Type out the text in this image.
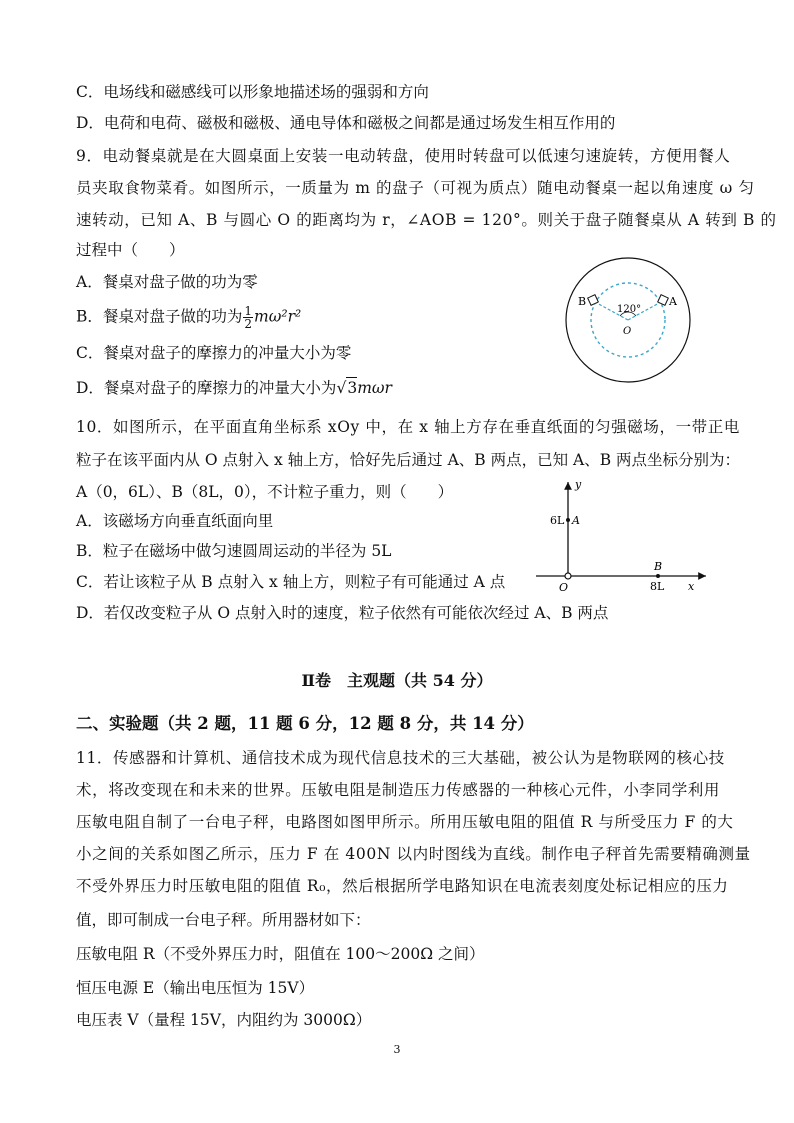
C．电场线和磁感线可以形象地描述场的强弱和方向
D．电荷和电荷、磁极和磁极、通电导体和磁极之间都是通过场发生相互作用的
9．电动餐桌就是在大圆桌面上安装一电动转盘，使用时转盘可以低速匀速旋转，方便用餐人
员夹取食物菜肴。如图所示，一质量为 m 的盘子（可视为质点）随电动餐桌一起以角速度 ω 匀
速转动，已知 A、B 与圆心 O 的距离均为 r，∠AOB = 120°。则关于盘子随餐桌从 A 转到 B 的
过程中（　　）
A．餐桌对盘子做的功为零
B．餐桌对盘子做的功为 $\frac{1}{2} m\omega^2r^2$
C．餐桌对盘子的摩擦力的冲量大小为零
D．餐桌对盘子的摩擦力的冲量大小为√3mωr
B	A
120°
O
10．如图所示，在平面直角坐标系 xOy 中，在 x 轴上方存在垂直纸面的匀强磁场，一带正电
粒子在该平面内从 O 点射入 x 轴上方，恰好先后通过 A、B 两点，已知 A、B 两点坐标分别为：
A（0，6L）、B（8L，0），不计粒子重力，则（　　）
A．该磁场方向垂直纸面向里
B．粒子在磁场中做匀速圆周运动的半径为 5L
C．若让该粒子从 B 点射入 x 轴上方，则粒子有可能通过 A 点
D．若仅改变粒子从 O 点射入时的速度，粒子依然有可能依次经过 A、B 两点
y
x
O
6L A
B
8L
Ⅱ卷　主观题（共 54 分）
二、实验题（共 2 题，11 题 6 分，12 题 8 分，共 14 分）
11．传感器和计算机、通信技术成为现代信息技术的三大基础，被公认为是物联网的核心技
术，将改变现在和未来的世界。压敏电阻是制造压力传感器的一种核心元件，小李同学利用
压敏电阻自制了一台电子秤，电路图如图甲所示。所用压敏电阻的阻值 R 与所受压力 F 的大
小之间的关系如图乙所示，压力 F 在 400N 以内时图线为直线。制作电子秤首先需要精确测量
不受外界压力时压敏电阻的阻值 R₀，然后根据所学电路知识在电流表刻度处标记相应的压力
值，即可制成一台电子秤。所用器材如下：
压敏电阻 R（不受外界压力时，阻值在 100～200Ω 之间）
恒压电源 E（输出电压恒为 15V）
电压表 V（量程 15V，内阻约为 3000Ω）
3
